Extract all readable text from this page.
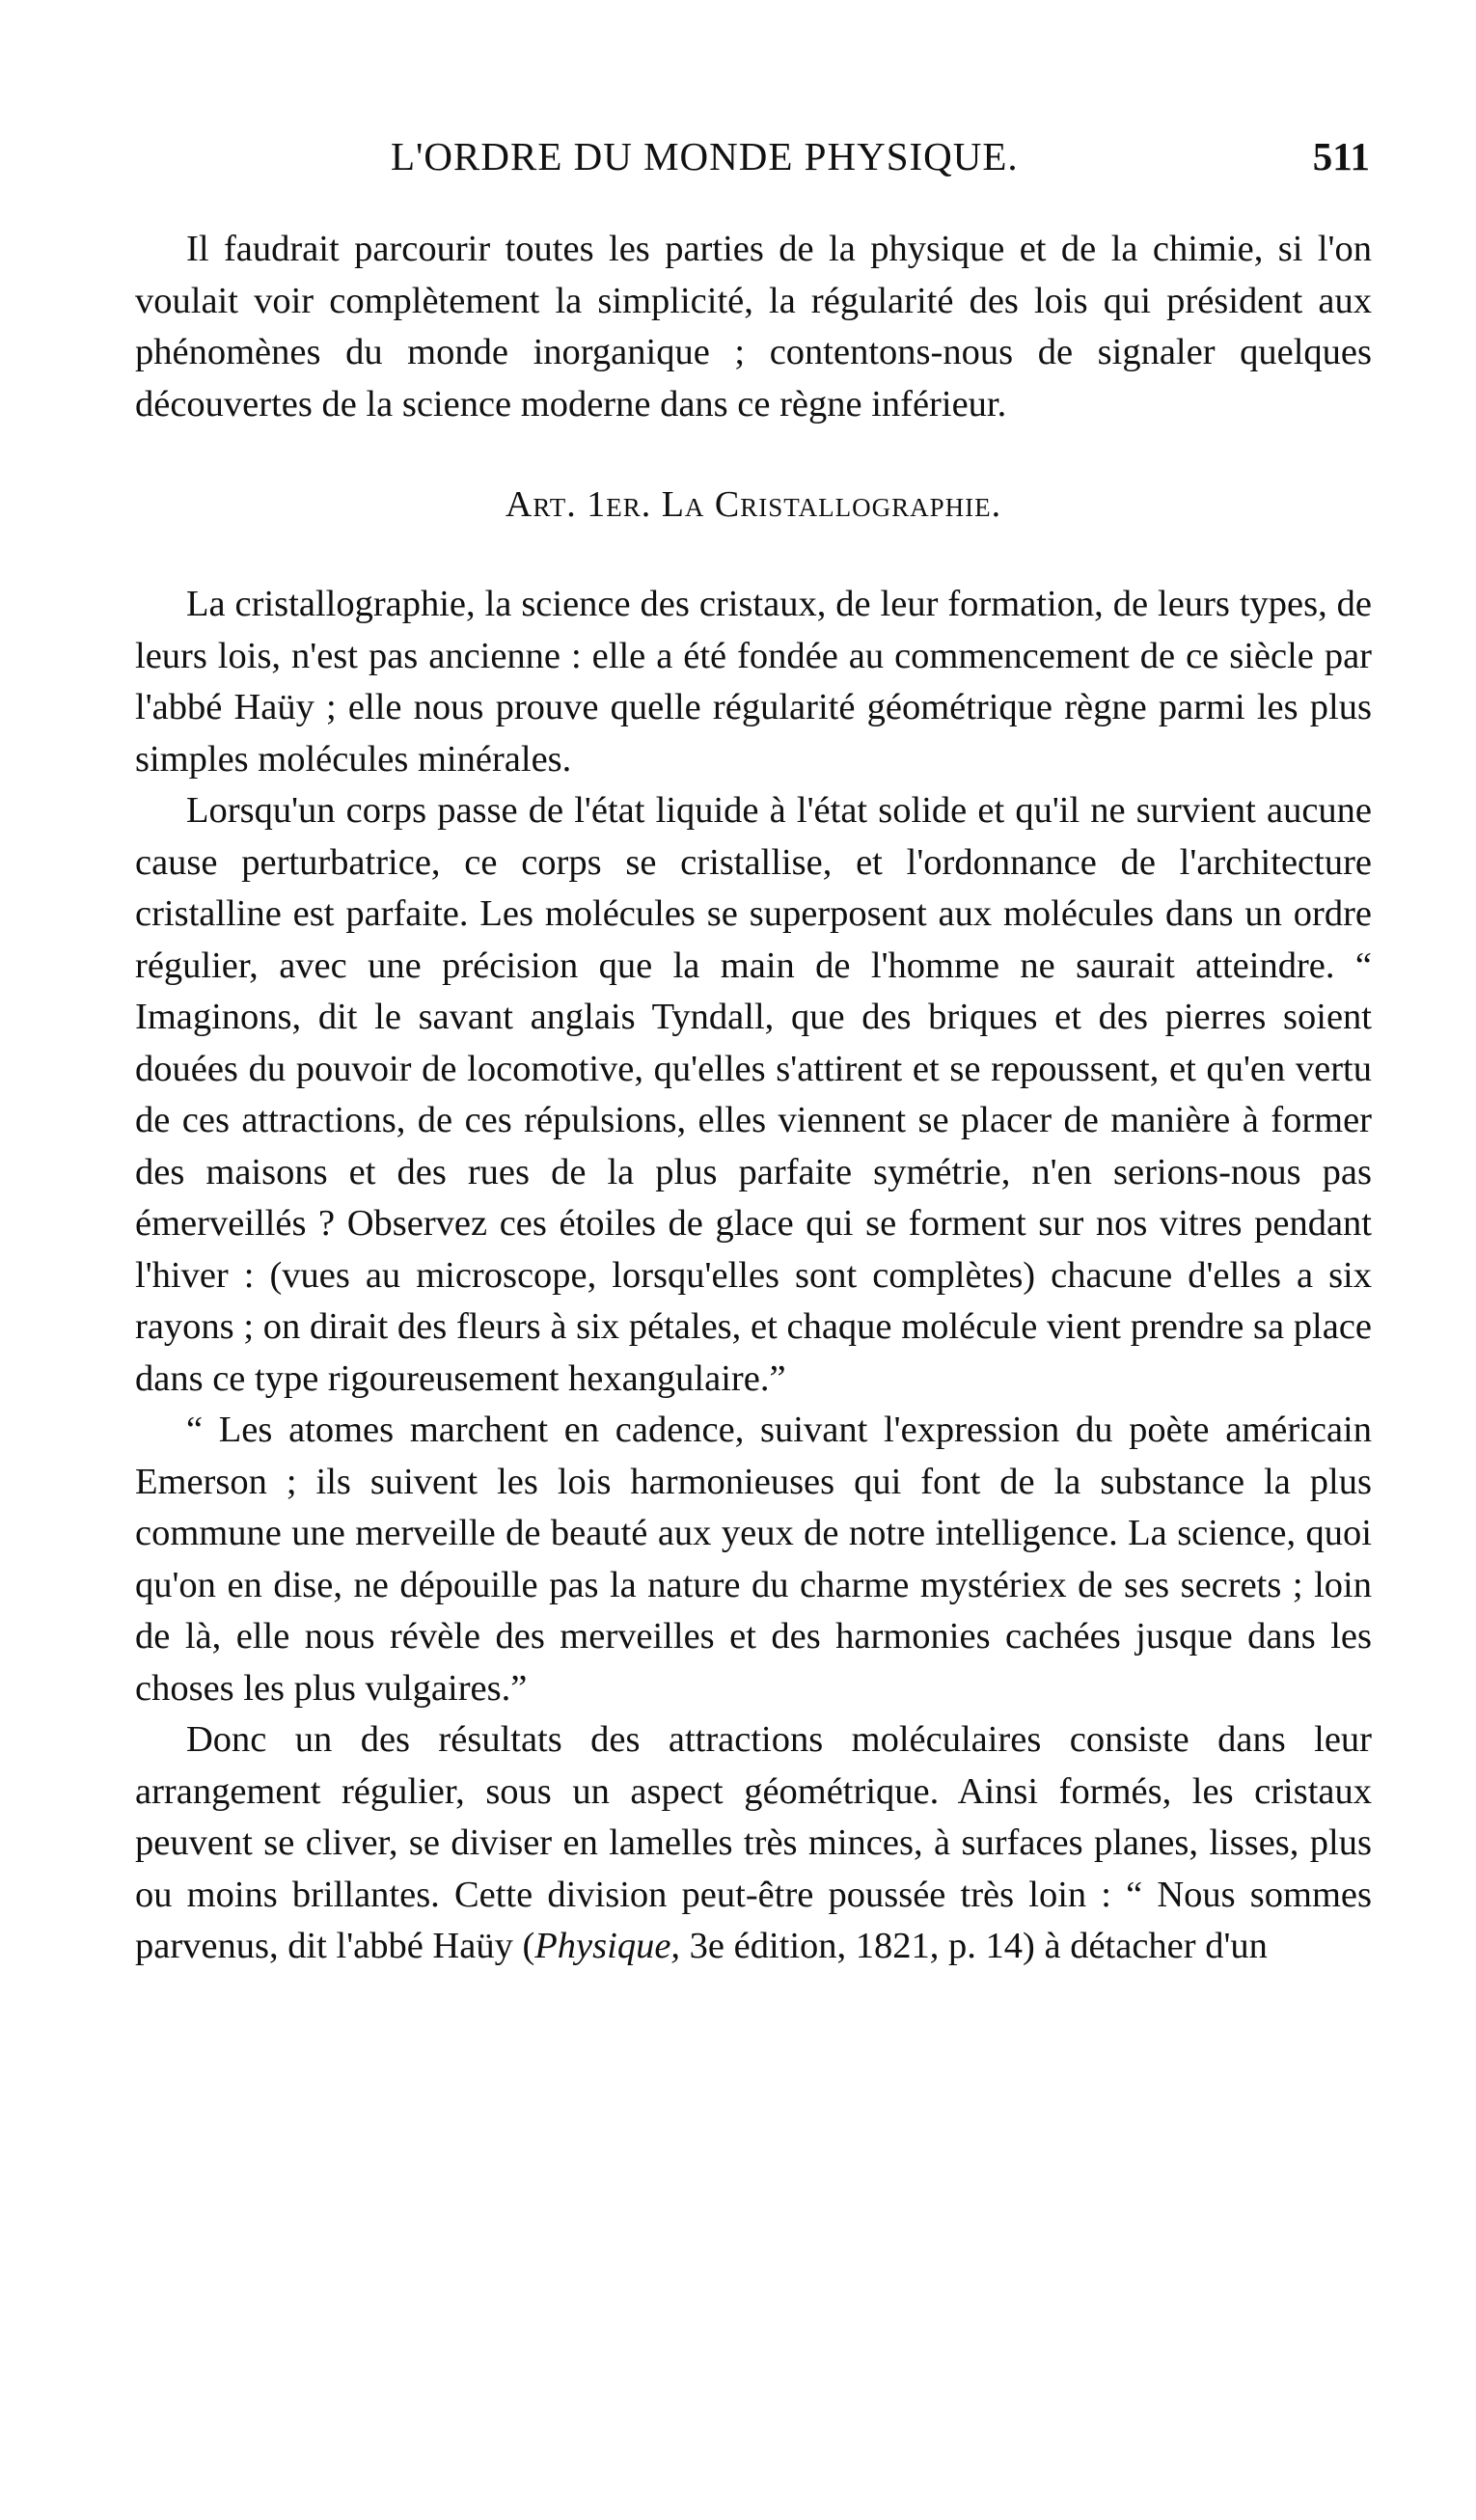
L'ORDRE DU MONDE PHYSIQUE.	511

Il faudrait parcourir toutes les parties de la physique et de la chimie, si l'on voulait voir complètement la simplicité, la régularité des lois qui président aux phénomènes du monde inorganique ; contentons-nous de signaler quelques découvertes de la science moderne dans ce règne inférieur.

Art. 1er. La Cristallographie.

La cristallographie, la science des cristaux, de leur formation, de leurs types, de leurs lois, n'est pas ancienne : elle a été fondée au commencement de ce siècle par l'abbé Haüy ; elle nous prouve quelle régularité géométrique règne parmi les plus simples molécules minérales.

Lorsqu'un corps passe de l'état liquide à l'état solide et qu'il ne survient aucune cause perturbatrice, ce corps se cristallise, et l'ordonnance de l'architecture cristalline est parfaite. Les molécules se superposent aux molécules dans un ordre régulier, avec une précision que la main de l'homme ne saurait atteindre. “ Imaginons, dit le savant anglais Tyndall, que des briques et des pierres soient douées du pouvoir de locomotive, qu'elles s'attirent et se repoussent, et qu'en vertu de ces attractions, de ces répulsions, elles viennent se placer de manière à former des maisons et des rues de la plus parfaite symétrie, n'en serions-nous pas émerveillés ? Observez ces étoiles de glace qui se forment sur nos vitres pendant l'hiver : (vues au microscope, lorsqu'elles sont complètes) chacune d'elles a six rayons ; on dirait des fleurs à six pétales, et chaque molécule vient prendre sa place dans ce type rigoureusement hexangulaire.”

“ Les atomes marchent en cadence, suivant l'expression du poète américain Emerson ; ils suivent les lois harmonieuses qui font de la substance la plus commune une merveille de beauté aux yeux de notre intelligence. La science, quoi qu'on en dise, ne dépouille pas la nature du charme mystériex de ses secrets ; loin de là, elle nous révèle des merveilles et des harmonies cachées jusque dans les choses les plus vulgaires.”

Donc un des résultats des attractions moléculaires consiste dans leur arrangement régulier, sous un aspect géométrique. Ainsi formés, les cristaux peuvent se cliver, se diviser en lamelles très minces, à surfaces planes, lisses, plus ou moins brillantes. Cette division peut-être poussée très loin : “ Nous sommes parvenus, dit l'abbé Haüy (Physique, 3e édition, 1821, p. 14) à détacher d'un
